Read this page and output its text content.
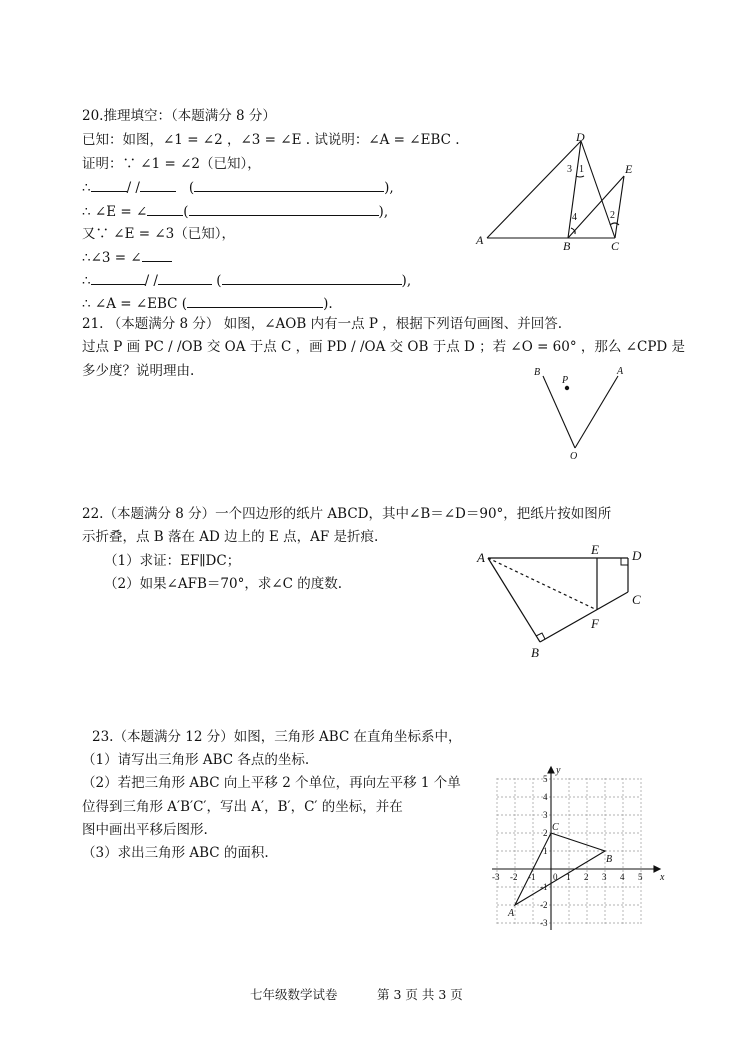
20.推理填空：（本题满分 8 分）
已知：如图，∠1 = ∠2 ，∠3 = ∠E . 试说明：∠A = ∠EBC .
证明：∵ ∠1 = ∠2（已知），
∴	/ /	(	),
∴ ∠E = ∠	(	),
又∵ ∠E = ∠3（已知），
∴∠3 = ∠
∴	/ /	(	),
∴ ∠A = ∠EBC (	).
D
E
A	B	C
3 1
4	2
21. （本题满分 8 分） 如图，∠AOB 内有一点 P ，根据下列语句画图、并回答.
过点 P 画 PC / /OB 交 OA 于点 C ，画 PD / /OA 交 OB 于点 D ；若 ∠O = 60° ，那么 ∠CPD 是
多少度？说明理由.	B
P
A
O
22.（本题满分 8 分）一个四边形的纸片 ABCD，其中∠B＝∠D＝90°，把纸片按如图所
示折叠，点 B 落在 AD 边上的 E 点，AF 是折痕.
（1）求证：EF∥DC；
（2）如果∠AFB＝70°，求∠C 的度数.
A
E	D
C
F
B
23.（本题满分 12 分）如图，三角形 ABC 在直角坐标系中，
（1）请写出三角形 ABC 各点的坐标.
（2）若把三角形 ABC 向上平移 2 个单位，再向左平移 1 个单
位得到三角形 A′B′C′，写出 A′，B′，C′ 的坐标，并在
图中画出平移后图形.
（3）求出三角形 ABC 的面积.
-3 -2 -1	1 2 3 4 5
0
5
4
3
2
1
-1
-2
-3
y
x
A
B
C
七年级数学试卷	第 3 页 共 3 页
